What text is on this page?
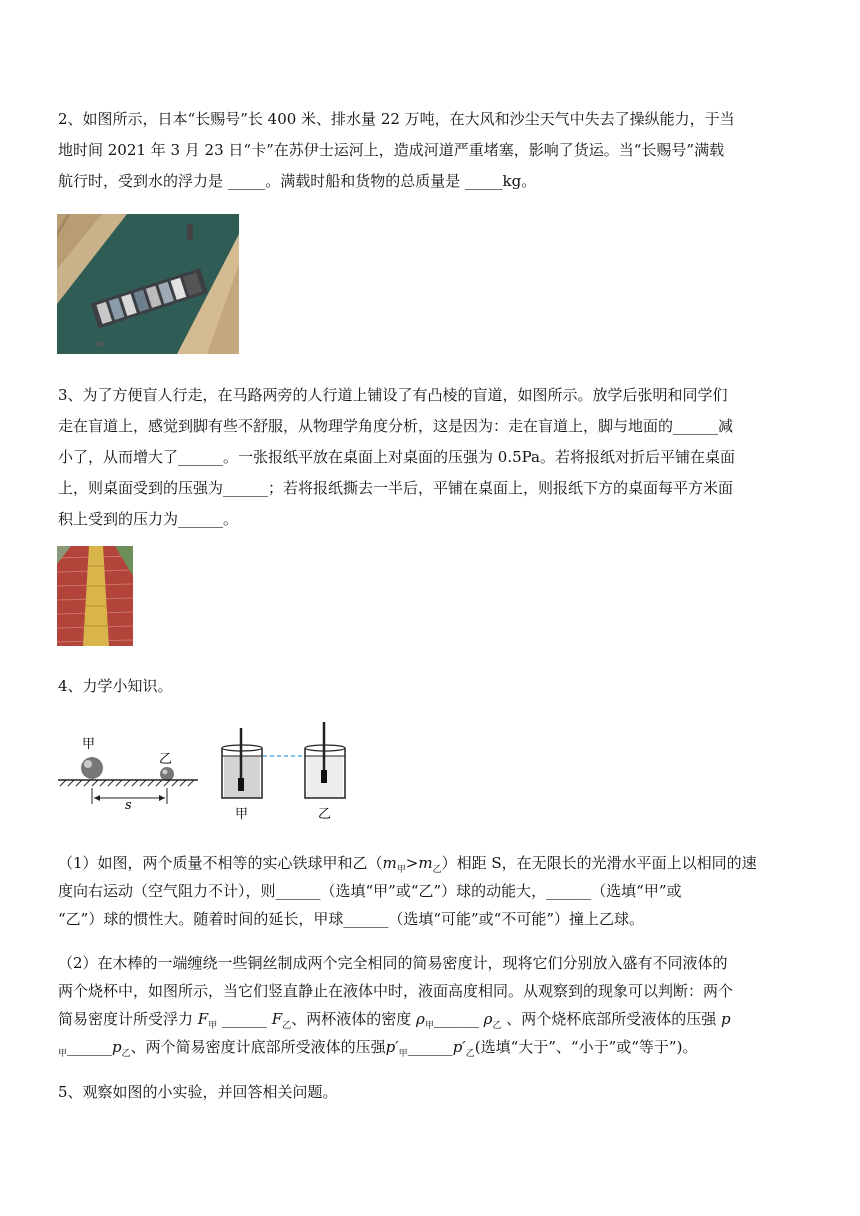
2、如图所示，日本“长赐号”长 400 米、排水量 22 万吨，在大风和沙尘天气中失去了操纵能力，于当

地时间 2021 年 3 月 23 日“卡”在苏伊士运河上，造成河道严重堵塞，影响了货运。当“长赐号”满载

航行时，受到水的浮力是 _____。满载时船和货物的总质量是 _____kg。

3、为了方便盲人行走，在马路两旁的人行道上铺设了有凸棱的盲道，如图所示。放学后张明和同学们

走在盲道上，感觉到脚有些不舒服，从物理学角度分析，这是因为：走在盲道上，脚与地面的______减

小了，从而增大了______。一张报纸平放在桌面上对桌面的压强为 0.5Pa。若将报纸对折后平铺在桌面

上，则桌面受到的压强为______；若将报纸撕去一半后，平铺在桌面上，则报纸下方的桌面每平方米面

积上受到的压力为______。

4、力学小知识。

甲
乙
s
甲	乙

（1）如图，两个质量不相等的实心铁球甲和乙$(m_甲>m_乙)$相距 S，在无限长的光滑水平面上以相同的速

度向右运动（空气阻力不计），则______（选填“甲”或“乙”）球的动能大，______（选填“甲”或

“乙”）球的惯性大。随着时间的延长，甲球______（选填“可能”或“不可能”）撞上乙球。

（2）在木棒的一端缠绕一些铜丝制成两个完全相同的简易密度计，现将它们分别放入盛有不同液体的

两个烧杯中，如图所示，当它们竖直静止在液体中时，液面高度相同。从观察到的现象可以判断：两个

简易密度计所受浮力 $F_甲$ ______ $F_乙$、两杯液体的密度 $\rho_甲\_\_\_\_\_\_$ $\rho_乙$ 、两个烧杯底部所受液体的压强 p

$_甲\_\_\_\_\_\_p_乙$、两个简易密度计底部所受液体的压强$p'_甲\_\_\_\_\_\_p'_乙$(选填“大于”、“小于”或“等于”)。

5、观察如图的小实验，并回答相关问题。
